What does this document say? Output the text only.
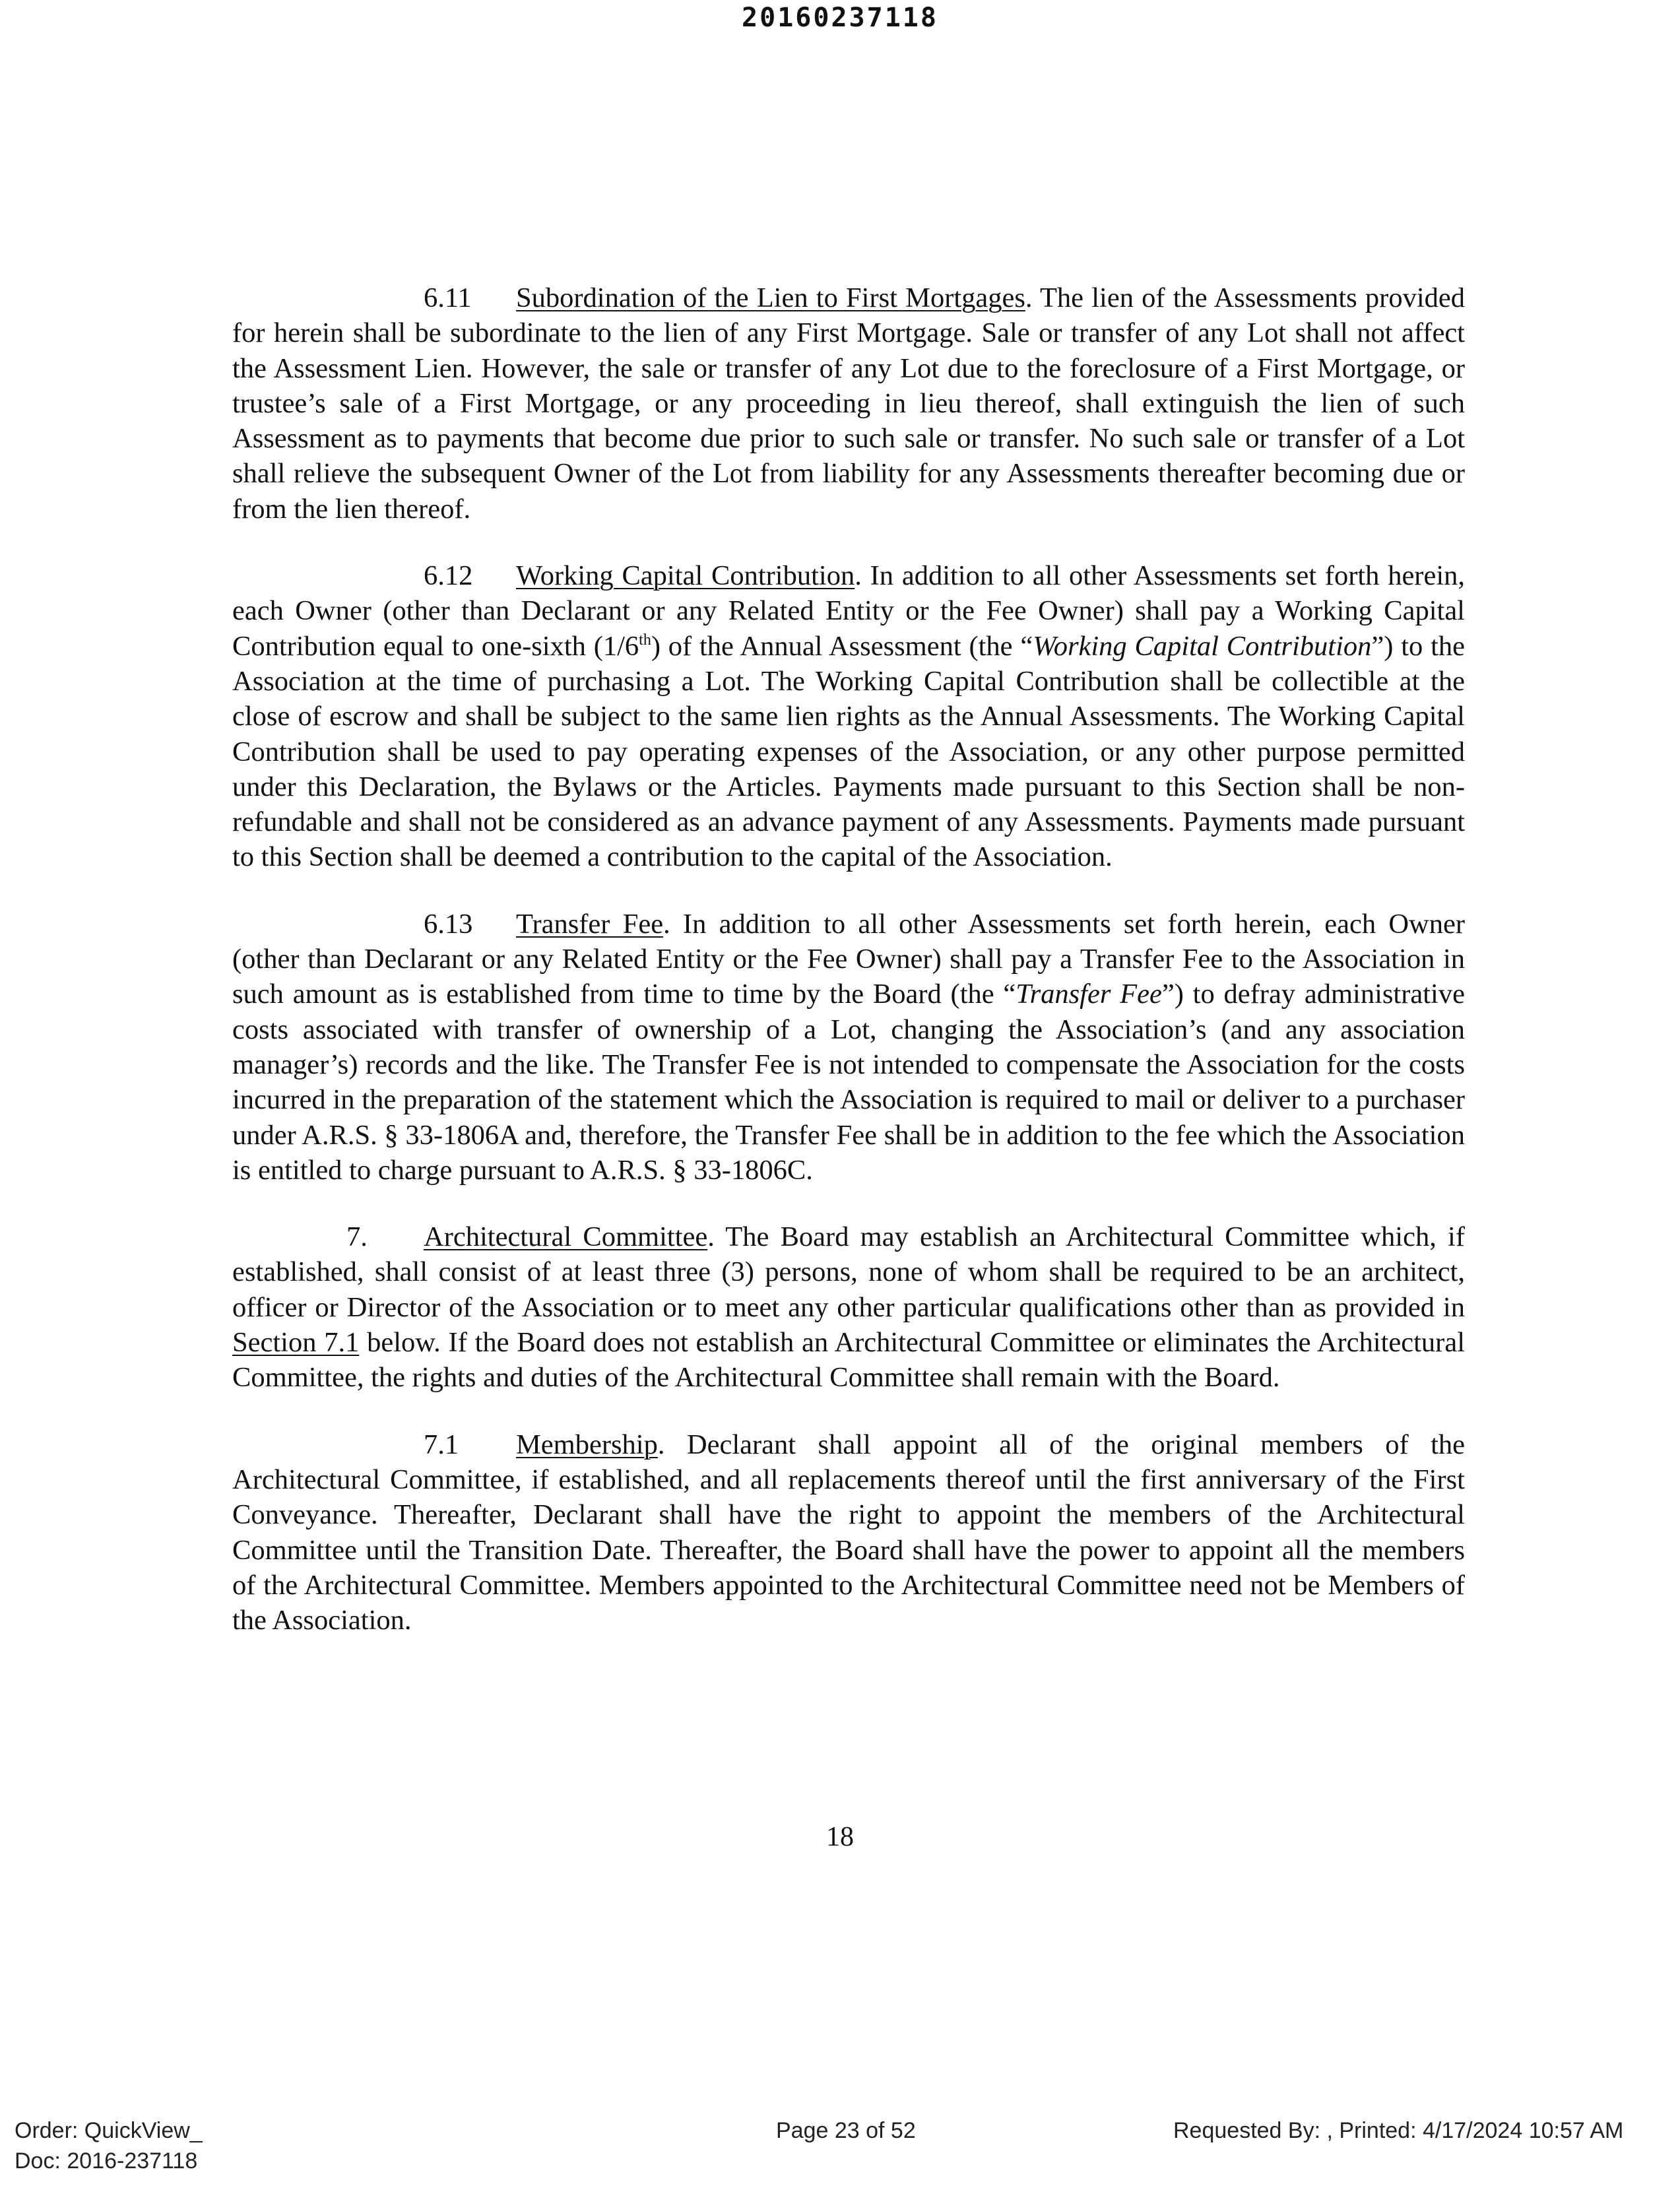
20160237118

6.11 Subordination of the Lien to First Mortgages. The lien of the Assessments provided for herein shall be subordinate to the lien of any First Mortgage. Sale or transfer of any Lot shall not affect the Assessment Lien. However, the sale or transfer of any Lot due to the foreclosure of a First Mortgage, or trustee’s sale of a First Mortgage, or any proceeding in lieu thereof, shall extinguish the lien of such Assessment as to payments that become due prior to such sale or transfer. No such sale or transfer of a Lot shall relieve the subsequent Owner of the Lot from liability for any Assessments thereafter becoming due or from the lien thereof.

6.12 Working Capital Contribution. In addition to all other Assessments set forth herein, each Owner (other than Declarant or any Related Entity or the Fee Owner) shall pay a Working Capital Contribution equal to one-sixth (1/6th) of the Annual Assessment (the “Working Capital Contribution”) to the Association at the time of purchasing a Lot. The Working Capital Contribution shall be collectible at the close of escrow and shall be subject to the same lien rights as the Annual Assessments. The Working Capital Contribution shall be used to pay operating expenses of the Association, or any other purpose permitted under this Declaration, the Bylaws or the Articles. Payments made pursuant to this Section shall be non-refundable and shall not be considered as an advance payment of any Assessments. Payments made pursuant to this Section shall be deemed a contribution to the capital of the Association.

6.13 Transfer Fee. In addition to all other Assessments set forth herein, each Owner (other than Declarant or any Related Entity or the Fee Owner) shall pay a Transfer Fee to the Association in such amount as is established from time to time by the Board (the “Transfer Fee”) to defray administrative costs associated with transfer of ownership of a Lot, changing the Association’s (and any association manager’s) records and the like. The Transfer Fee is not intended to compensate the Association for the costs incurred in the preparation of the statement which the Association is required to mail or deliver to a purchaser under A.R.S. § 33-1806A and, therefore, the Transfer Fee shall be in addition to the fee which the Association is entitled to charge pursuant to A.R.S. § 33-1806C.

7. Architectural Committee. The Board may establish an Architectural Committee which, if established, shall consist of at least three (3) persons, none of whom shall be required to be an architect, officer or Director of the Association or to meet any other particular qualifications other than as provided in Section 7.1 below. If the Board does not establish an Architectural Committee or eliminates the Architectural Committee, the rights and duties of the Architectural Committee shall remain with the Board.

7.1 Membership. Declarant shall appoint all of the original members of the Architectural Committee, if established, and all replacements thereof until the first anniversary of the First Conveyance. Thereafter, Declarant shall have the right to appoint the members of the Architectural Committee until the Transition Date. Thereafter, the Board shall have the power to appoint all the members of the Architectural Committee. Members appointed to the Architectural Committee need not be Members of the Association.

18
Order: QuickView_
Doc: 2016-237118
Page 23 of 52	Requested By: , Printed: 4/17/2024 10:57 AM
